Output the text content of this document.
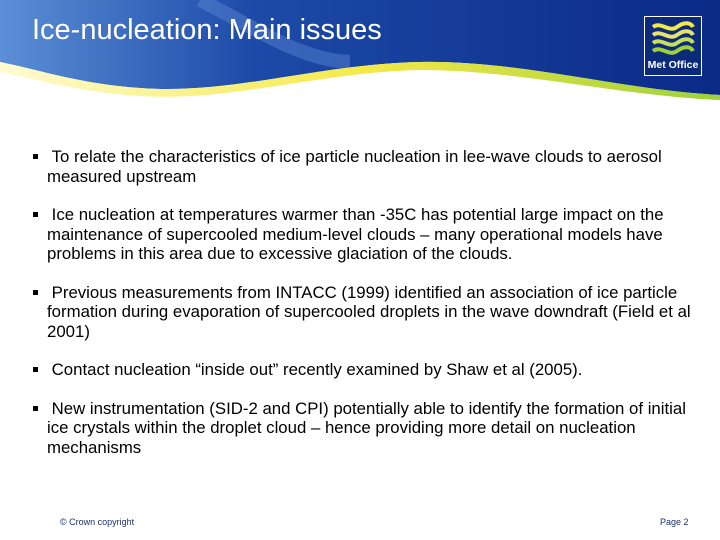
Ice-nucleation: Main issues
Met Office
To relate the characteristics of ice particle nucleation in lee-wave clouds to aerosol measured upstream
Ice nucleation at temperatures warmer than -35C has potential large impact on the maintenance of supercooled medium-level clouds – many operational models have problems in this area due to excessive glaciation of the clouds.
Previous measurements from INTACC (1999) identified an association of ice particle formation during evaporation of supercooled droplets in the wave downdraft (Field et al 2001)
Contact nucleation “inside out” recently examined by Shaw et al (2005).
New instrumentation (SID-2 and CPI) potentially able to identify the formation of initial ice crystals within the droplet cloud – hence providing more detail on nucleation mechanisms
© Crown copyright	Page 2
